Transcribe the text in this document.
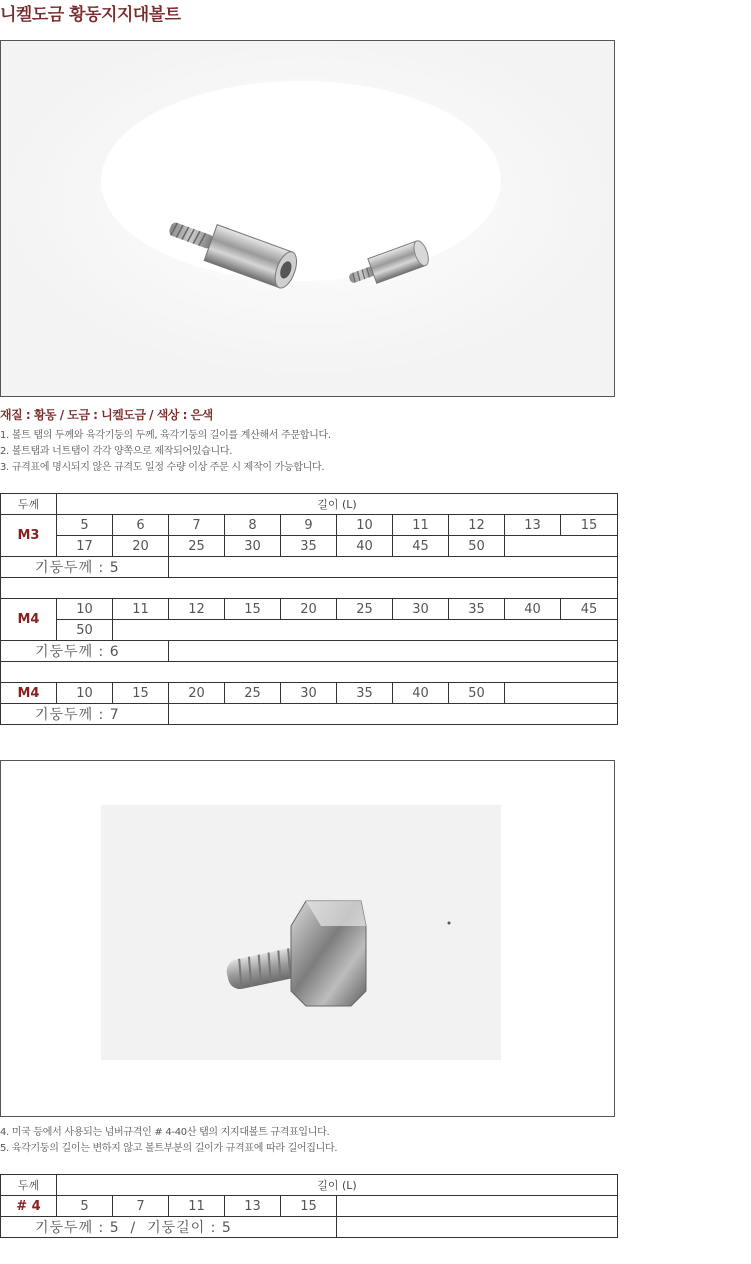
니켈도금 황동지지대볼트
재질 : 황동 / 도금 : 니켈도금 / 색상 : 은색
1. 볼트 탭의 두께와 육각기둥의 두께, 육각기둥의 길이를 계산해서 주문합니다.
2. 볼트탭과 너트탭이 각각 양쪽으로 제작되어있습니다.
3. 규격표에 명시되지 않은 규격도 일정 수량 이상 주문 시 제작이 가능합니다.
두께	길이 (L)									
M3	5	6	7	8	9	10	11	12	13	15
	17	20	25	30	35	40	45	50		
기둥두께 : 5										

M4	10	11	12	15	20	25	30	35	40	45
	50									
기둥두께 : 6										

M4	10	15	20	25	30	35	40	50		
기둥두께 : 7										
4. 미국 등에서 사용되는 넘버규격인 # 4-40산 탭의 지지대볼트 규격표입니다.
5. 육각기둥의 길이는 변하지 않고 볼트부분의 길이가 규격표에 따라 길어집니다.
두께	길이 (L)					
# 4	5	7	11	13	15	
기둥두께 : 5  /  기둥길이 : 5						
